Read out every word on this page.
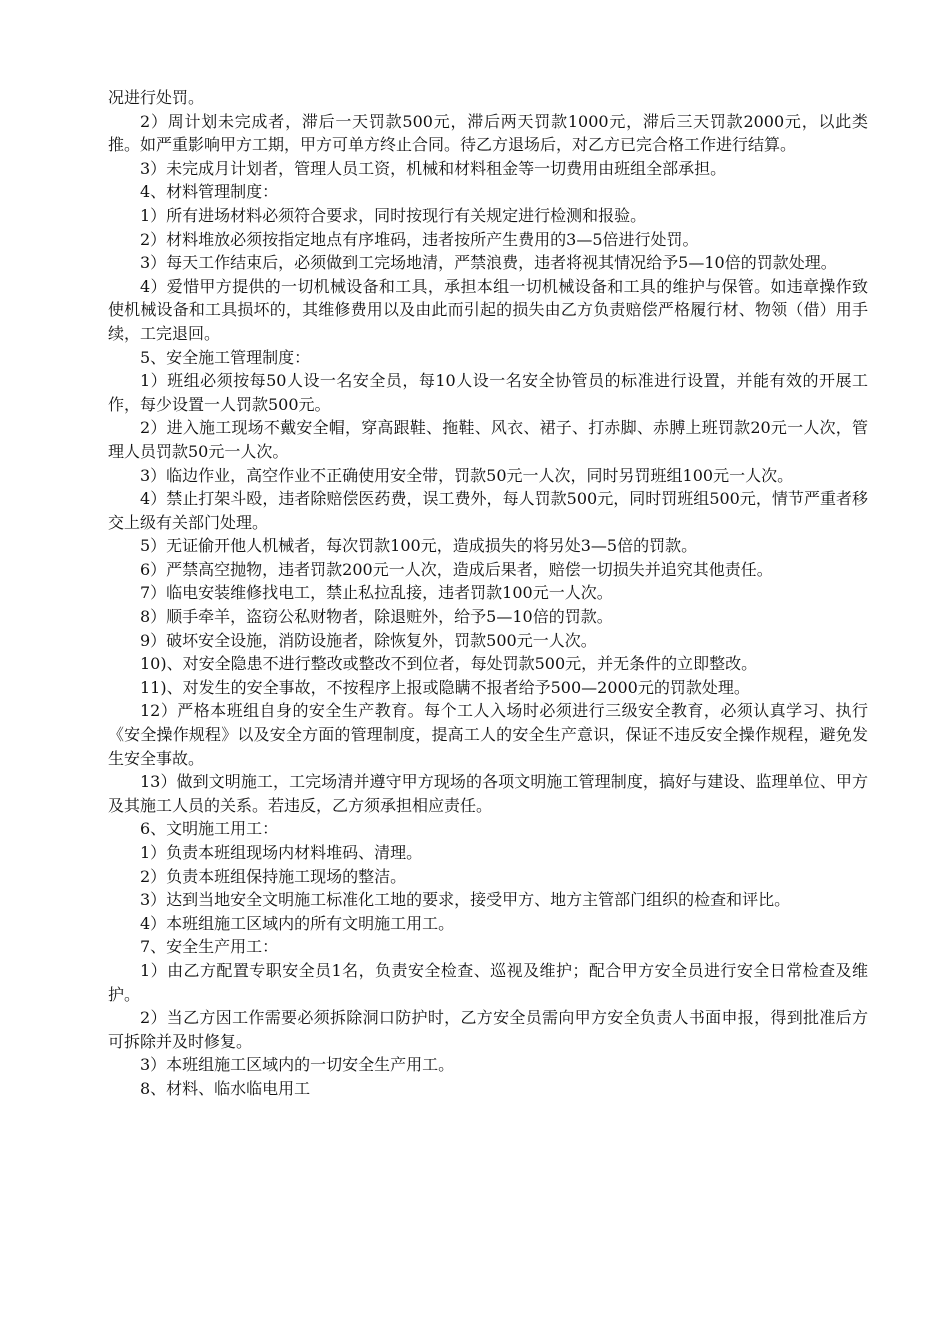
况进行处罚。

2）周计划未完成者，滞后一天罚款500元，滞后两天罚款1000元，滞后三天罚款2000元，以此类推。如严重影响甲方工期，甲方可单方终止合同。待乙方退场后，对乙方已完合格工作进行结算。

3）未完成月计划者，管理人员工资，机械和材料租金等一切费用由班组全部承担。

4、材料管理制度：

1）所有进场材料必须符合要求，同时按现行有关规定进行检测和报验。

2）材料堆放必须按指定地点有序堆码，违者按所产生费用的3—5倍进行处罚。

3）每天工作结束后，必须做到工完场地清，严禁浪费，违者将视其情况给予5—10倍的罚款处理。

4）爱惜甲方提供的一切机械设备和工具，承担本组一切机械设备和工具的维护与保管。如违章操作致使机械设备和工具损坏的，其维修费用以及由此而引起的损失由乙方负责赔偿严格履行材、物领（借）用手续，工完退回。

5、安全施工管理制度：

1）班组必须按每50人设一名安全员，每10人设一名安全协管员的标准进行设置，并能有效的开展工作，每少设置一人罚款500元。

2）进入施工现场不戴安全帽，穿高跟鞋、拖鞋、风衣、裙子、打赤脚、赤膊上班罚款20元一人次，管理人员罚款50元一人次。

3）临边作业，高空作业不正确使用安全带，罚款50元一人次，同时另罚班组100元一人次。

4）禁止打架斗殴，违者除赔偿医药费，误工费外，每人罚款500元，同时罚班组500元，情节严重者移交上级有关部门处理。

5）无证偷开他人机械者，每次罚款100元，造成损失的将另处3—5倍的罚款。

6）严禁高空抛物，违者罚款200元一人次，造成后果者，赔偿一切损失并追究其他责任。

7）临电安装维修找电工，禁止私拉乱接，违者罚款100元一人次。

8）顺手牵羊，盗窃公私财物者，除退赃外，给予5—10倍的罚款。

9）破坏安全设施，消防设施者，除恢复外，罚款500元一人次。

10)、对安全隐患不进行整改或整改不到位者，每处罚款500元，并无条件的立即整改。

11)、对发生的安全事故，不按程序上报或隐瞒不报者给予500—2000元的罚款处理。

12）严格本班组自身的安全生产教育。每个工人入场时必须进行三级安全教育，必须认真学习、执行《安全操作规程》以及安全方面的管理制度，提高工人的安全生产意识，保证不违反安全操作规程，避免发生安全事故。

13）做到文明施工，工完场清并遵守甲方现场的各项文明施工管理制度，搞好与建设、监理单位、甲方及其施工人员的关系。若违反，乙方须承担相应责任。

6、文明施工用工：

1）负责本班组现场内材料堆码、清理。

2）负责本班组保持施工现场的整洁。

3）达到当地安全文明施工标准化工地的要求，接受甲方、地方主管部门组织的检查和评比。

4）本班组施工区域内的所有文明施工用工。

7、安全生产用工：

1）由乙方配置专职安全员1名，负责安全检查、巡视及维护；配合甲方安全员进行安全日常检查及维护。

2）当乙方因工作需要必须拆除洞口防护时，乙方安全员需向甲方安全负责人书面申报，得到批准后方可拆除并及时修复。

3）本班组施工区域内的一切安全生产用工。

8、材料、临水临电用工
